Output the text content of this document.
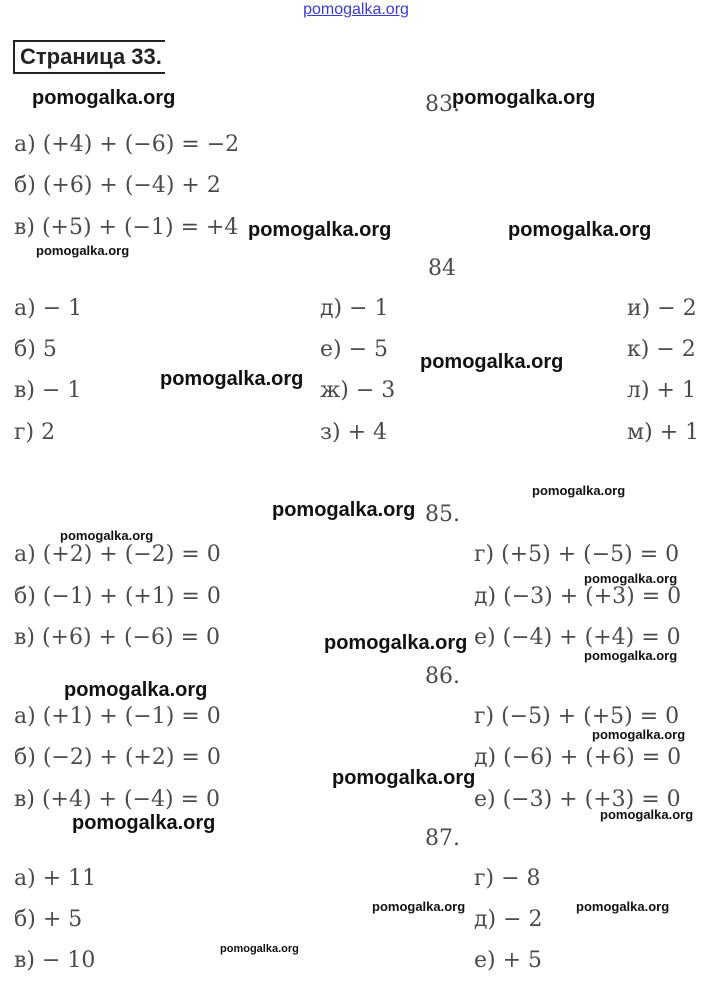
pomogalka.org
Страница 33.
83.
а) (+4) + (−6) = −2
б) (+6) + (−4) + 2
в) (+5) + (−1) = +4
84
а) − 1
б) 5
в) − 1
г) 2
д) − 1
е) − 5
ж) − 3
з) + 4
и) − 2
к) − 2
л) + 1
м) + 1
85.
а) (+2) + (−2) = 0
б) (−1) + (+1) = 0
в) (+6) + (−6) = 0
г) (+5) + (−5) = 0
д) (−3) + (+3) = 0
е) (−4) + (+4) = 0
86.
а) (+1) + (−1) = 0
б) (−2) + (+2) = 0
в) (+4) + (−4) = 0
г) (−5) + (+5) = 0
д) (−6) + (+6) = 0
е) (−3) + (+3) = 0
87.
а) + 11
б) + 5
в) − 10
г) − 8
д) − 2
е) + 5
pomogalka.org	pomogalka.org
pomogalka.org	pomogalka.org
pomogalka.org
pomogalka.org
pomogalka.org
pomogalka.org
pomogalka.org
pomogalka.org
pomogalka.org
pomogalka.org
pomogalka.org
pomogalka.org
pomogalka.org
pomogalka.org
pomogalka.org
pomogalka.org
pomogalka.org	pomogalka.org
pomogalka.org
